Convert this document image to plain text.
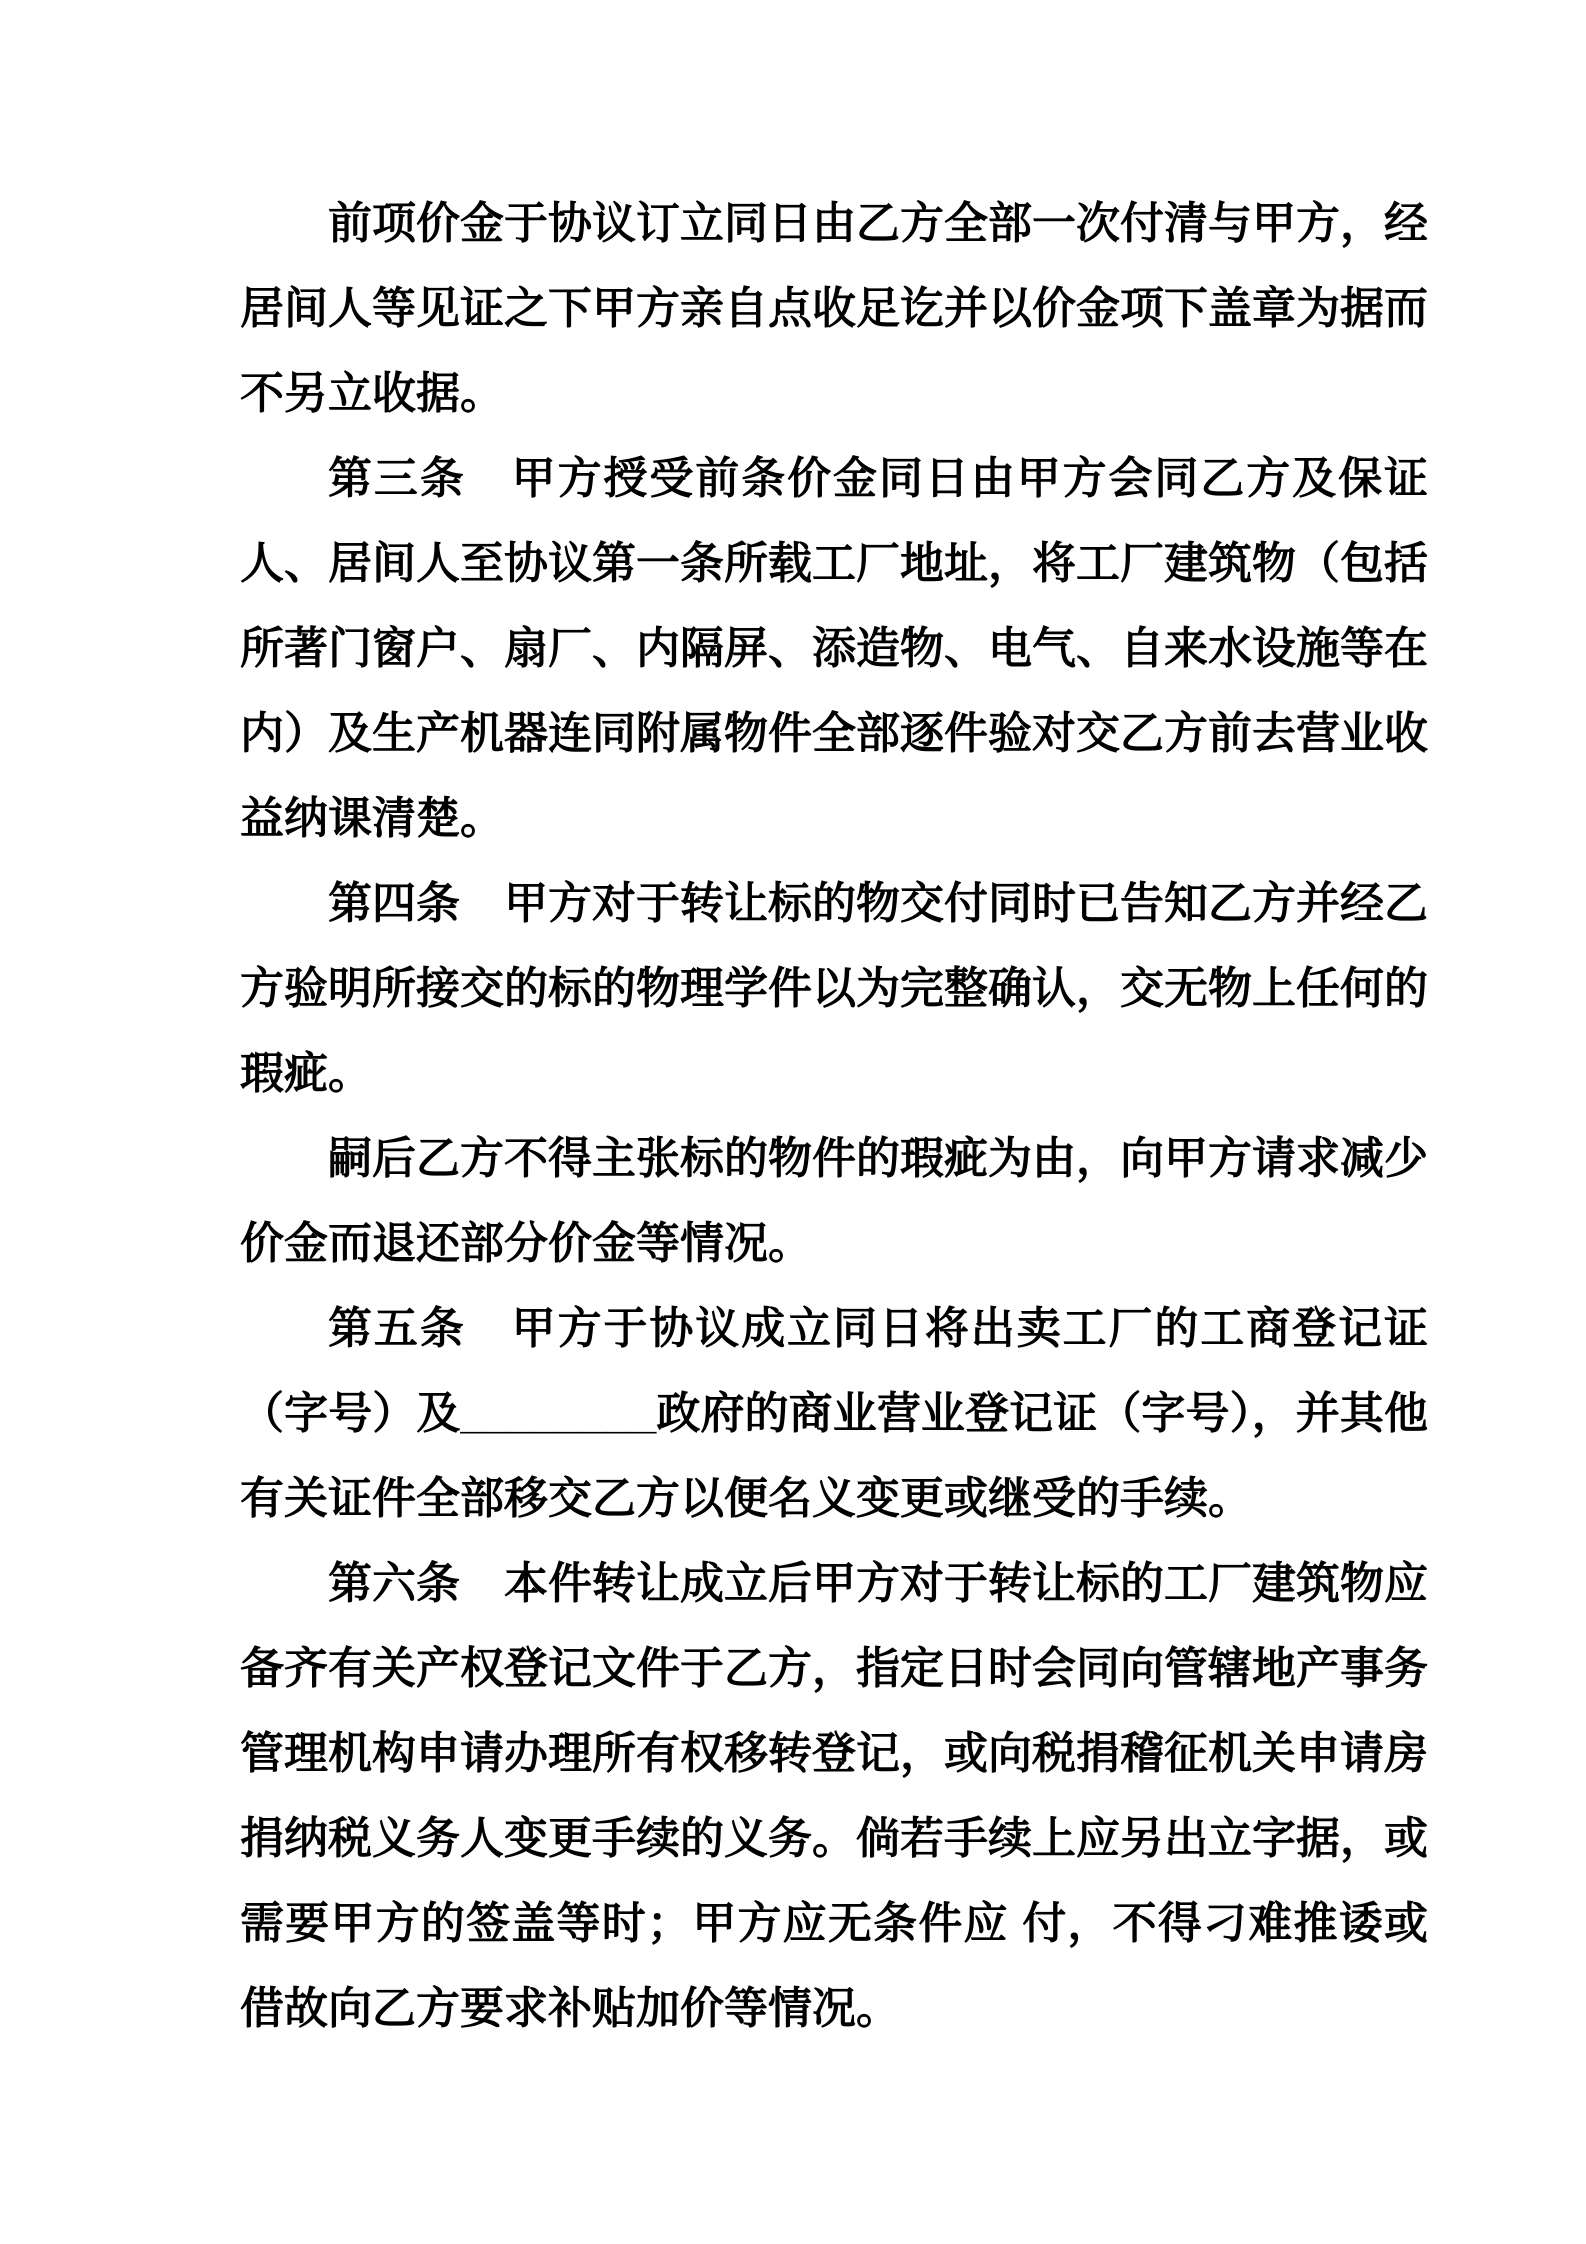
前项价金于协议订立同日由乙方全部一次付清与甲方，经居间人等见证之下甲方亲自点收足讫并以价金项下盖章为据而不另立收据。

第三条　甲方授受前条价金同日由甲方会同乙方及保证人、居间人至协议第一条所载工厂地址，将工厂建筑物（包括所著门窗户、扇厂、内隔屏、添造物、电气、自来水设施等在内）及生产机器连同附属物件全部逐件验对交乙方前去营业收益纳课清楚。

第四条　甲方对于转让标的物交付同时已告知乙方并经乙方验明所接交的标的物理学件以为完整确认，交无物上任何的瑕疵。

嗣后乙方不得主张标的物件的瑕疵为由，向甲方请求减少价金而退还部分价金等情况。

第五条　甲方于协议成立同日将出卖工厂的工商登记证（字号）及________政府的商业营业登记证（字号），并其他有关证件全部移交乙方以便名义变更或继受的手续。

第六条　本件转让成立后甲方对于转让标的工厂建筑物应备齐有关产权登记文件于乙方，指定日时会同向管辖地产事务管理机构申请办理所有权移转登记，或向税捐稽征机关申请房捐纳税义务人变更手续的义务。倘若手续上应另出立字据，或需要甲方的签盖等时；甲方应无条件应 付，不得刁难推诿或借故向乙方要求补贴加价等情况。
